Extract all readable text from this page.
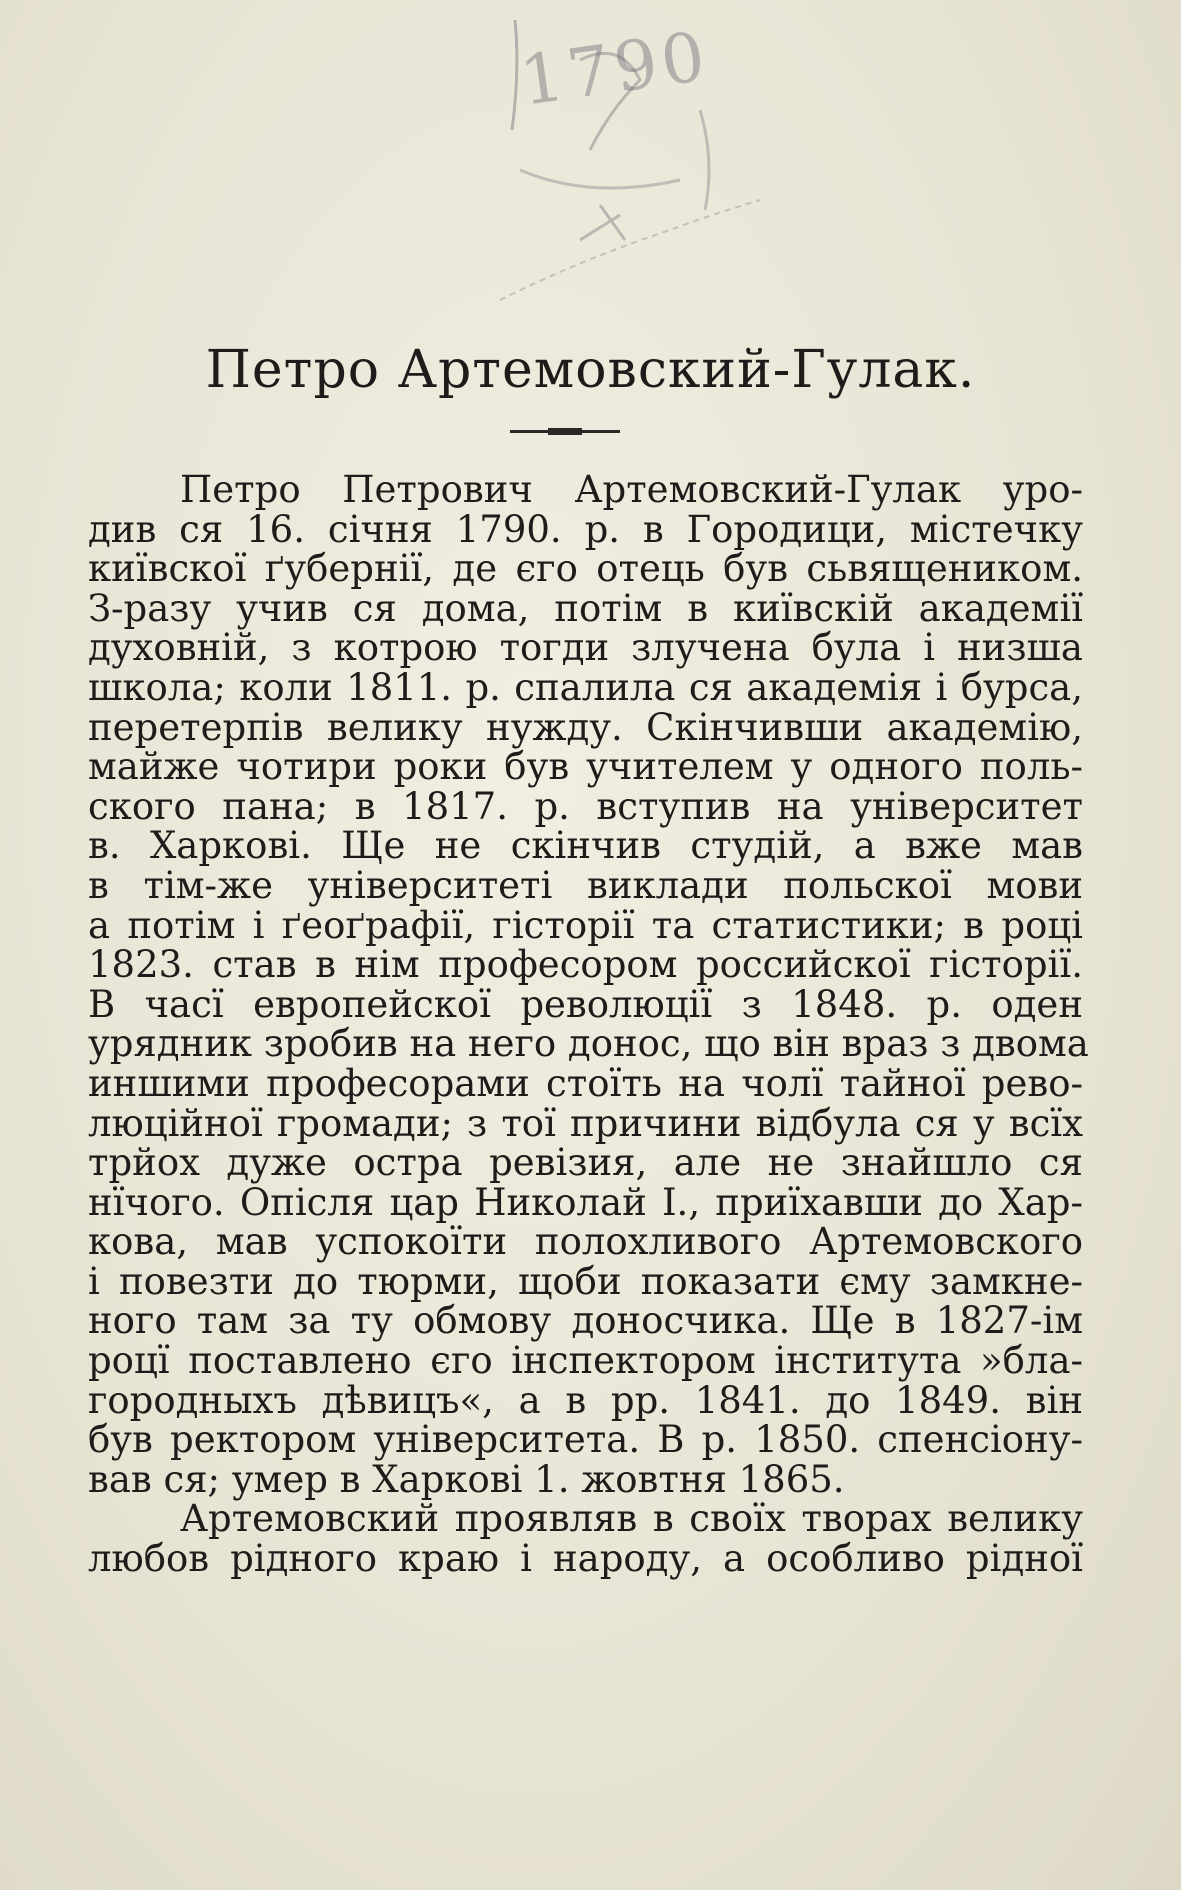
1790
Петро Артемовский-Гулак.
Петро Петрович Артемовский-Гулак уро-
див ся 16. січня 1790. р. в Городици, містечку
київскої ґубернії, де єго отець був сьвящеником.
З-разу учив ся дома, потім в київскій академії
духовній, з котрою тогди злучена була і низша
школа; коли 1811. р. спалила ся академія і бурса,
перетерпів велику нужду. Скінчивши академію,
майже чотири роки був учителем у одного поль-
ского пана; в 1817. р. вступив на університет
в. Харкові. Ще не скінчив студій, а вже мав
в тім-же університеті виклади польскої мови
а потім і ґеоґрафії, гісторії та статистики; в році
1823. став в нім професором российскої гісторії.
В часї европейскої революції з 1848. р. оден
урядник зробив на него донос, що він враз з двома
иншими професорами стоїть на чолї тайної рево-
люційної громади; з тої причини відбула ся у всїх
трйох дуже остра ревізия, але не знайшло ся
нїчого. Опісля цар Николай I., приїхавши до Хар-
кова, мав успокоїти полохливого Артемовского
і повезти до тюрми, щоби показати єму замкне-
ного там за ту обмову доносчика. Ще в 1827-ім
роцї поставлено єго інспектором інститута »бла-
городныхъ дѣвицъ«, а в рр. 1841. до 1849. він
був ректором університета. В р. 1850. спенсіону-
вав ся; умер в Харкові 1. жовтня 1865.
Артемовский проявляв в своїх творах велику
любов рідного краю і народу, а особливо рідної
